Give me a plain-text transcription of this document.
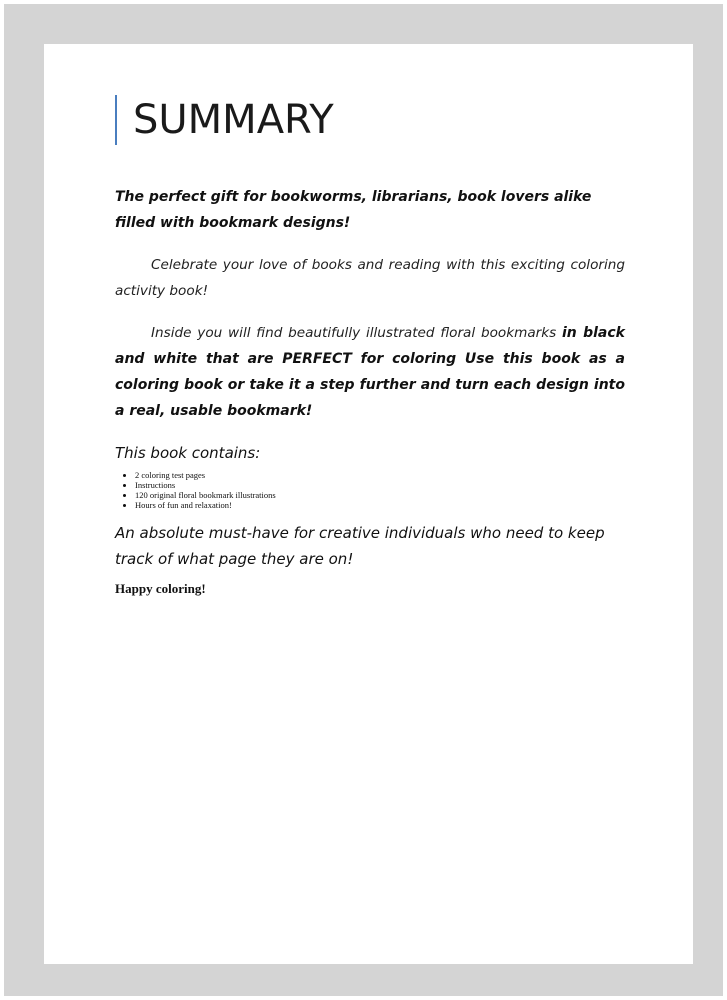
SUMMARY

The perfect gift for bookworms, librarians, book lovers alike filled with bookmark designs!

Celebrate your love of books and reading with this exciting coloring activity book!

Inside you will find beautifully illustrated floral bookmarks in black and white that are PERFECT for coloring Use this book as a coloring book or take it a step further and turn each design into a real, usable bookmark!

This book contains:

• 2 coloring test pages
• Instructions
• 120 original floral bookmark illustrations
• Hours of fun and relaxation!

An absolute must-have for creative individuals who need to keep track of what page they are on!

Happy coloring!
